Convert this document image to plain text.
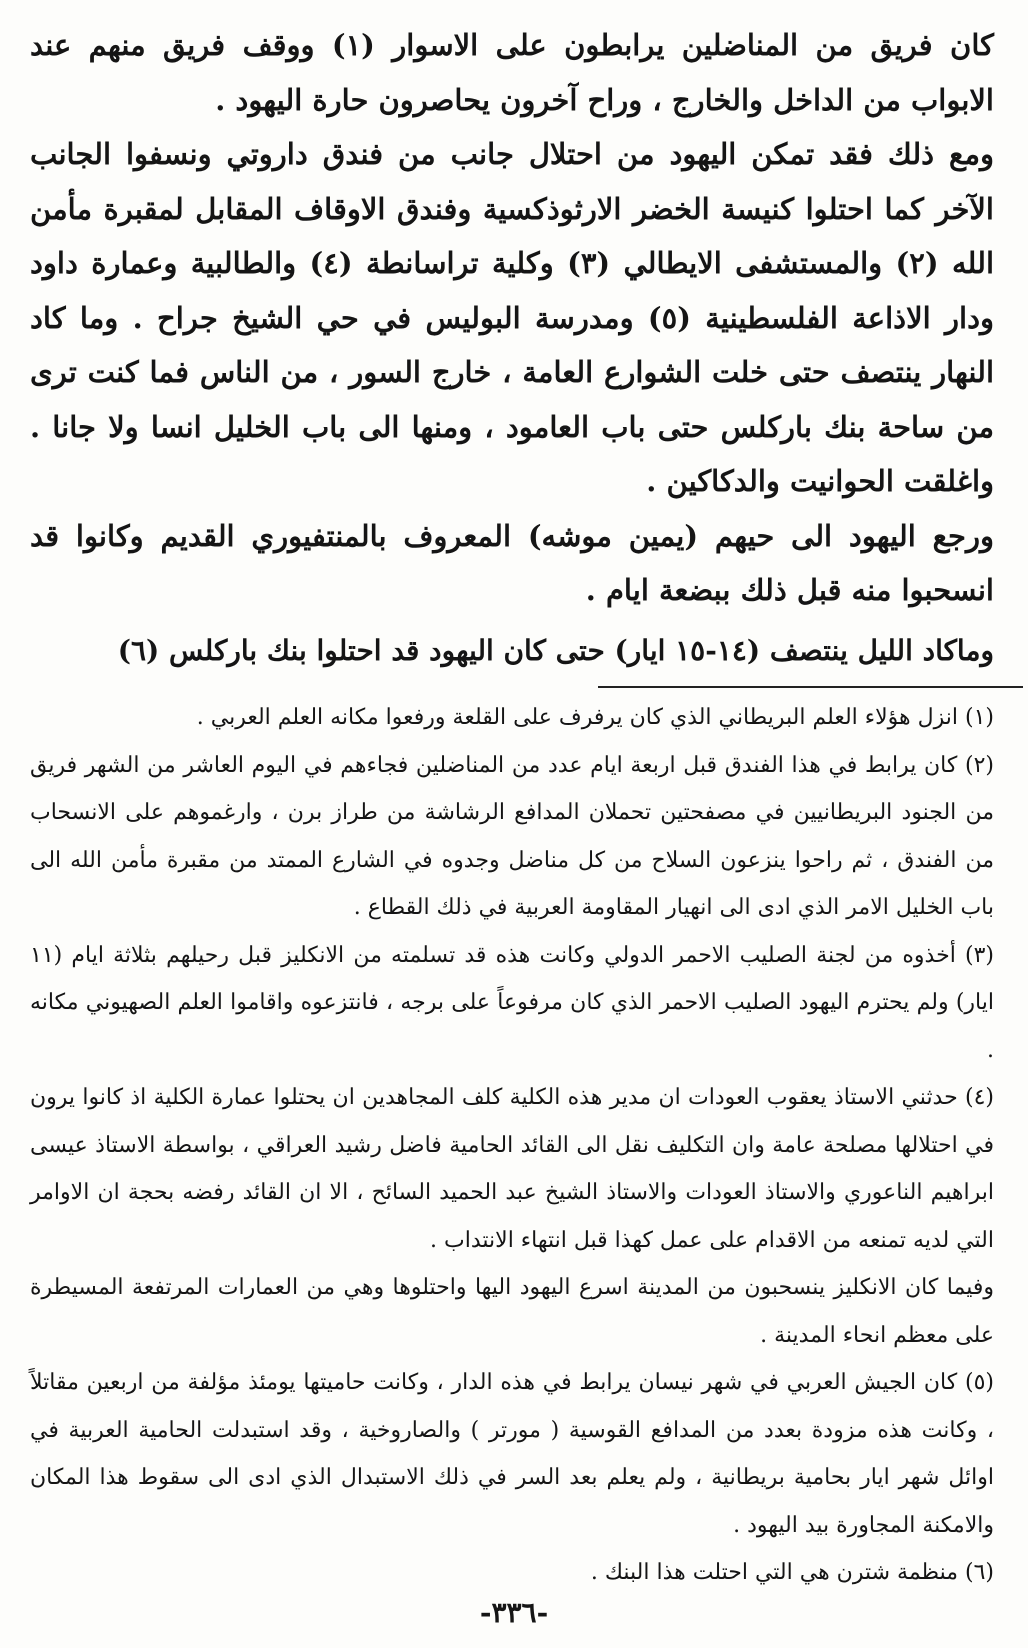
كان فريق من المناضلين يرابطون على الاسوار (١) ووقف فريق منهم عند الابواب من الداخل والخارج ، وراح آخرون يحاصرون حارة اليهود .

ومع ذلك فقد تمكن اليهود من احتلال جانب من فندق داروتي ونسفوا الجانب الآخر كما احتلوا كنيسة الخضر الارثوذكسية وفندق الاوقاف المقابل لمقبرة مأمن الله (٢) والمستشفى الايطالي (٣) وكلية تراسانطة (٤) والطالبية وعمارة داود ودار الاذاعة الفلسطينية (٥) ومدرسة البوليس في حي الشيخ جراح . وما كاد النهار ينتصف حتى خلت الشوارع العامة ، خارج السور ، من الناس فما كنت ترى من ساحة بنك باركلس حتى باب العامود ، ومنها الى باب الخليل انسا ولا جانا . واغلقت الحوانيت والدكاكين .

ورجع اليهود الى حيهم (يمين موشه) المعروف بالمنتفيوري القديم وكانوا قد انسحبوا منه قبل ذلك ببضعة ايام .

وماكاد الليل ينتصف (١٤-١٥ ايار) حتى كان اليهود قد احتلوا بنك باركلس (٦)

(١) انزل هؤلاء العلم البريطاني الذي كان يرفرف على القلعة ورفعوا مكانه العلم العربي .

(٢) كان يرابط في هذا الفندق قبل اربعة ايام عدد من المناضلين فجاءهم في اليوم العاشر من الشهر فريق من الجنود البريطانيين في مصفحتين تحملان المدافع الرشاشة من طراز برن ، وارغموهم على الانسحاب من الفندق ، ثم راحوا ينزعون السلاح من كل مناضل وجدوه في الشارع الممتد من مقبرة مأمن الله الى باب الخليل الامر الذي ادى الى انهيار المقاومة العربية في ذلك القطاع .

(٣) أخذوه من لجنة الصليب الاحمر الدولي وكانت هذه قد تسلمته من الانكليز قبل رحيلهم بثلاثة ايام (١١ ايار) ولم يحترم اليهود الصليب الاحمر الذي كان مرفوعاً على برجه ، فانتزعوه واقاموا العلم الصهيوني مكانه .

(٤) حدثني الاستاذ يعقوب العودات ان مدير هذه الكلية كلف المجاهدين ان يحتلوا عمارة الكلية اذ كانوا يرون في احتلالها مصلحة عامة وان التكليف نقل الى القائد الحامية فاضل رشيد العراقي ، بواسطة الاستاذ عيسى ابراهيم الناعوري والاستاذ العودات والاستاذ الشيخ عبد الحميد السائح ، الا ان القائد رفضه بحجة ان الاوامر التي لديه تمنعه من الاقدام على عمل كهذا قبل انتهاء الانتداب .

وفيما كان الانكليز ينسحبون من المدينة اسرع اليهود اليها واحتلوها وهي من العمارات المرتفعة المسيطرة على معظم انحاء المدينة .

(٥) كان الجيش العربي في شهر نيسان يرابط في هذه الدار ، وكانت حاميتها يومئذ مؤلفة من اربعين مقاتلاً ، وكانت هذه مزودة بعدد من المدافع القوسية ( مورتر ) والصاروخية ، وقد استبدلت الحامية العربية في اوائل شهر ايار بحامية بريطانية ، ولم يعلم بعد السر في ذلك الاستبدال الذي ادى الى سقوط هذا المكان والامكنة المجاورة بيد اليهود .

(٦) منظمة شترن هي التي احتلت هذا البنك .

-٣٣٦-
